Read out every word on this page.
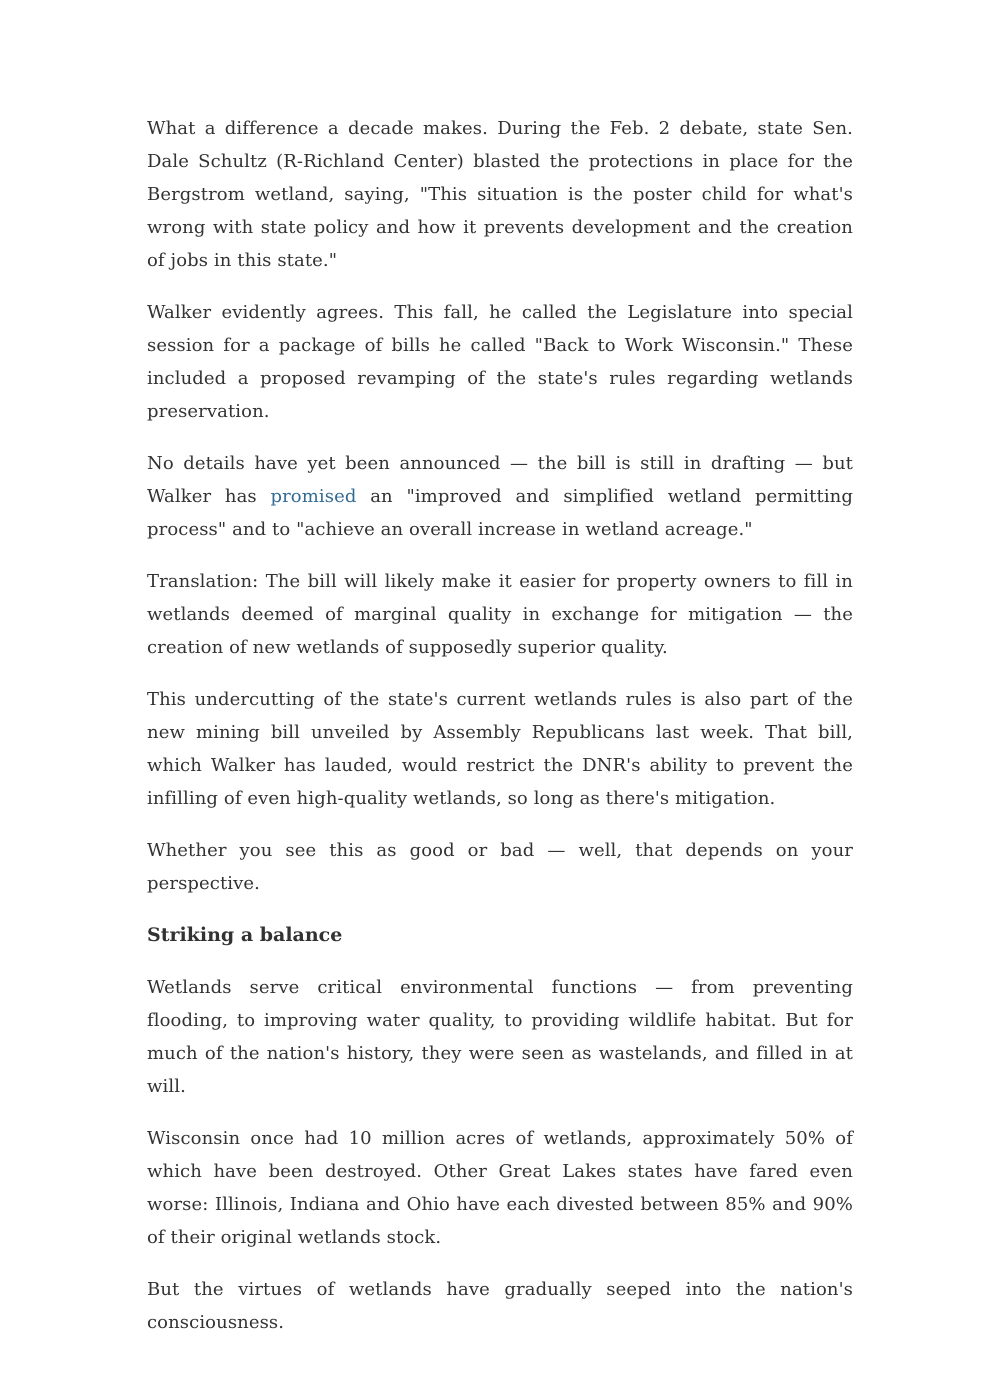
What a difference a decade makes. During the Feb. 2 debate, state Sen. Dale Schultz (R-Richland Center) blasted the protections in place for the Bergstrom wetland, saying, "This situation is the poster child for what's wrong with state policy and how it prevents development and the creation of jobs in this state."

Walker evidently agrees. This fall, he called the Legislature into special session for a package of bills he called "Back to Work Wisconsin." These included a proposed revamping of the state's rules regarding wetlands preservation.

No details have yet been announced — the bill is still in drafting — but Walker has promised an "improved and simplified wetland permitting process" and to "achieve an overall increase in wetland acreage."

Translation: The bill will likely make it easier for property owners to fill in wetlands deemed of marginal quality in exchange for mitigation — the creation of new wetlands of supposedly superior quality.

This undercutting of the state's current wetlands rules is also part of the new mining bill unveiled by Assembly Republicans last week. That bill, which Walker has lauded, would restrict the DNR's ability to prevent the infilling of even high-quality wetlands, so long as there's mitigation.

Whether you see this as good or bad — well, that depends on your perspective.

Striking a balance

Wetlands serve critical environmental functions — from preventing flooding, to improving water quality, to providing wildlife habitat. But for much of the nation's history, they were seen as wastelands, and filled in at will.

Wisconsin once had 10 million acres of wetlands, approximately 50% of which have been destroyed. Other Great Lakes states have fared even worse: Illinois, Indiana and Ohio have each divested between 85% and 90% of their original wetlands stock.

But the virtues of wetlands have gradually seeped into the nation's consciousness.
